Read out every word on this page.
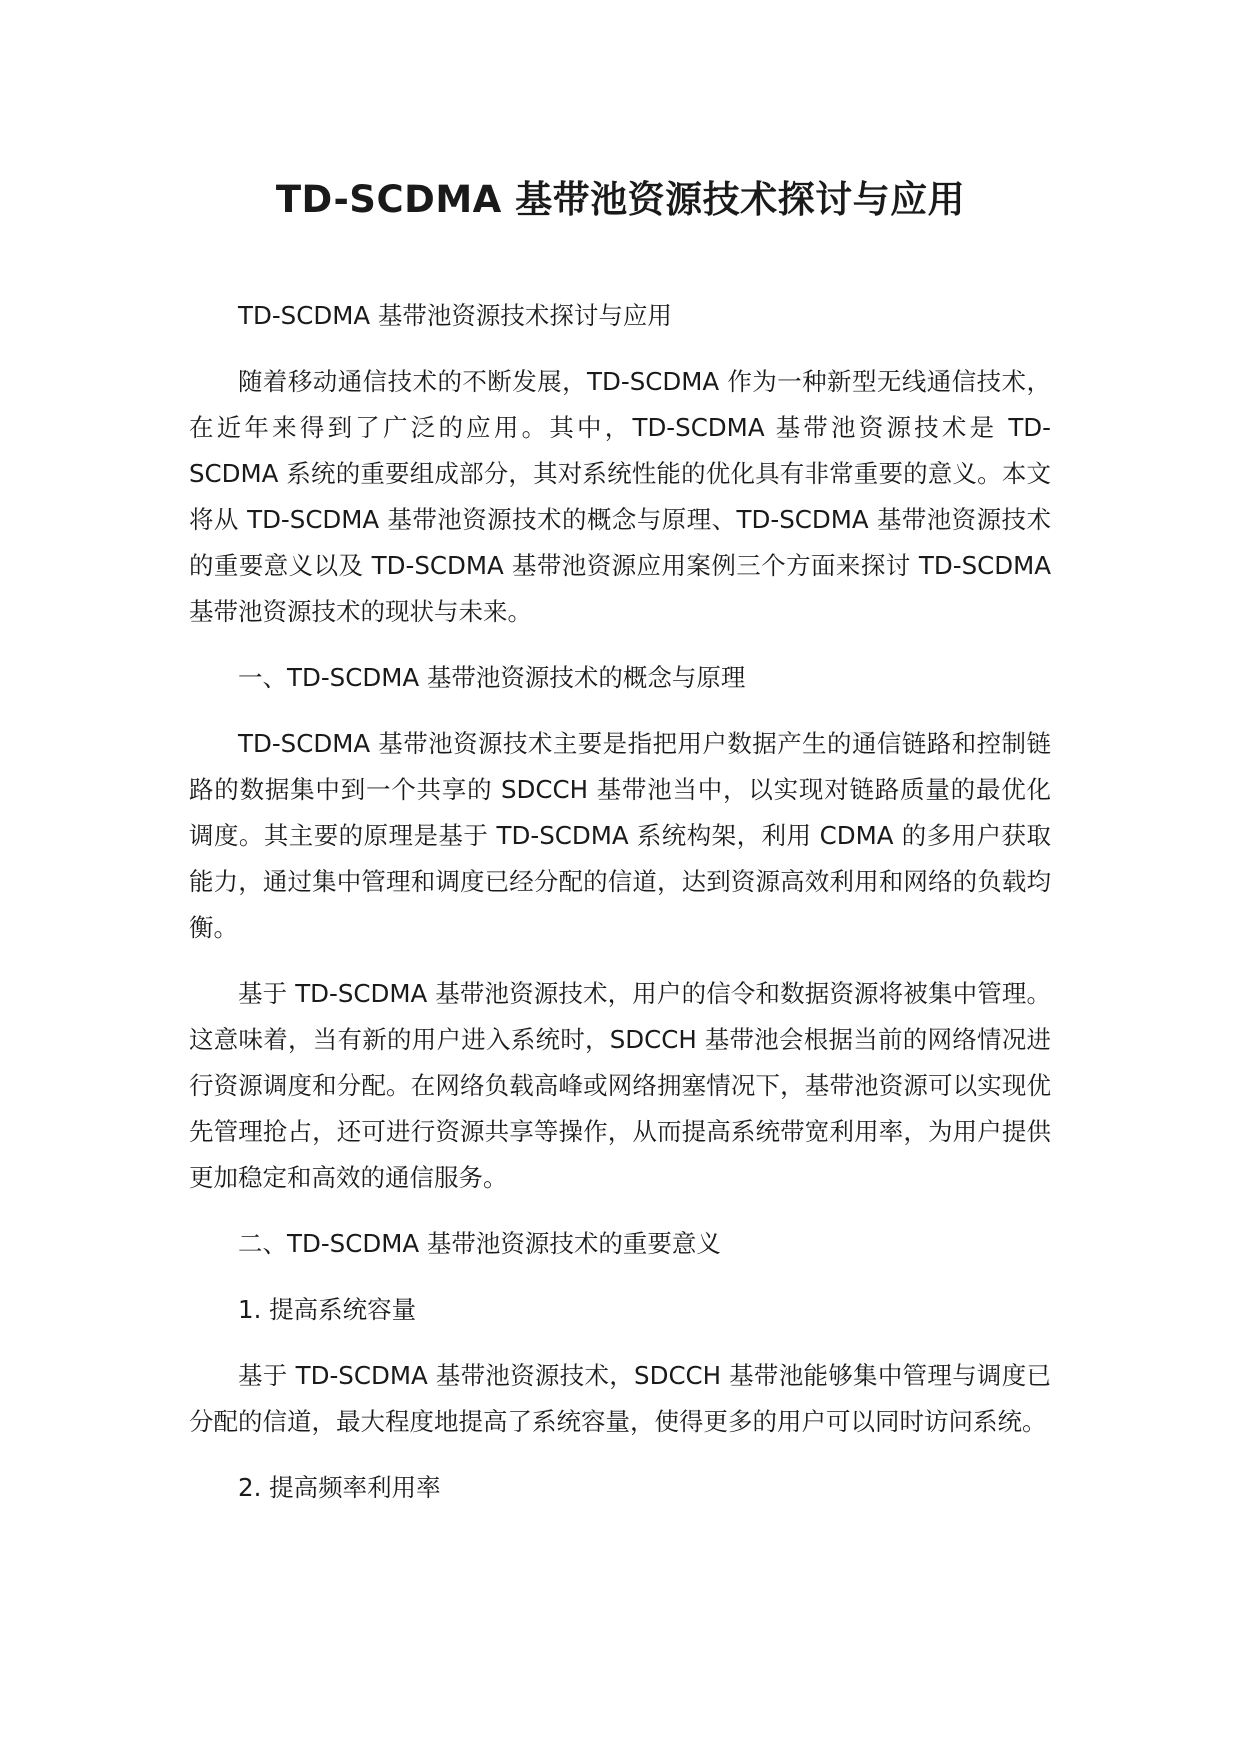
TD-SCDMA 基带池资源技术探讨与应用

TD-SCDMA 基带池资源技术探讨与应用

随着移动通信技术的不断发展，TD-SCDMA 作为一种新型无线通信技术，在近年来得到了广泛的应用。其中，TD-SCDMA 基带池资源技术是 TD-SCDMA 系统的重要组成部分，其对系统性能的优化具有非常重要的意义。本文将从 TD-SCDMA 基带池资源技术的概念与原理、TD-SCDMA 基带池资源技术的重要意义以及 TD-SCDMA 基带池资源应用案例三个方面来探讨 TD-SCDMA 基带池资源技术的现状与未来。

一、TD-SCDMA 基带池资源技术的概念与原理

TD-SCDMA 基带池资源技术主要是指把用户数据产生的通信链路和控制链路的数据集中到一个共享的 SDCCH 基带池当中，以实现对链路质量的最优化调度。其主要的原理是基于 TD-SCDMA 系统构架，利用 CDMA 的多用户获取能力，通过集中管理和调度已经分配的信道，达到资源高效利用和网络的负载均衡。

基于 TD-SCDMA 基带池资源技术，用户的信令和数据资源将被集中管理。这意味着，当有新的用户进入系统时，SDCCH 基带池会根据当前的网络情况进行资源调度和分配。在网络负载高峰或网络拥塞情况下，基带池资源可以实现优先管理抢占，还可进行资源共享等操作，从而提高系统带宽利用率，为用户提供更加稳定和高效的通信服务。

二、TD-SCDMA 基带池资源技术的重要意义

1. 提高系统容量

基于 TD-SCDMA 基带池资源技术，SDCCH 基带池能够集中管理与调度已分配的信道，最大程度地提高了系统容量，使得更多的用户可以同时访问系统。

2. 提高频率利用率
